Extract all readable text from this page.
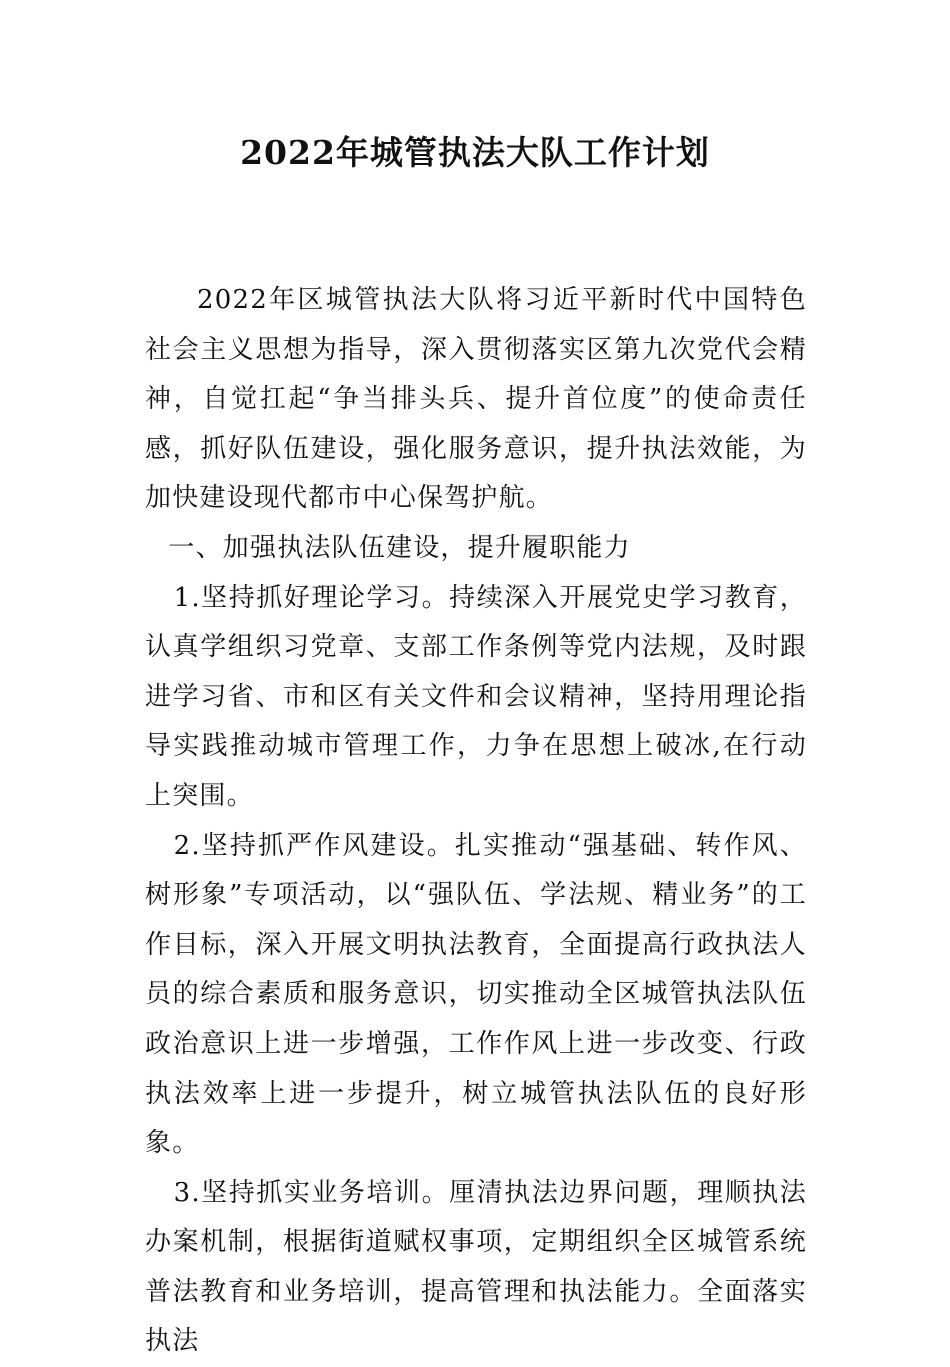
2022年城管执法大队工作计划

2022年区城管执法大队将习近平新时代中国特色社会主义思想为指导，深入贯彻落实区第九次党代会精神，自觉扛起“争当排头兵、提升首位度”的使命责任感，抓好队伍建设，强化服务意识，提升执法效能，为加快建设现代都市中心保驾护航。

一、加强执法队伍建设，提升履职能力

1.坚持抓好理论学习。持续深入开展党史学习教育，认真学组织习党章、支部工作条例等党内法规，及时跟进学习省、市和区有关文件和会议精神，坚持用理论指导实践推动城市管理工作，力争在思想上破冰,在行动上突围。

2.坚持抓严作风建设。扎实推动“强基础、转作风、树形象”专项活动，以“强队伍、学法规、精业务”的工作目标，深入开展文明执法教育，全面提高行政执法人员的综合素质和服务意识，切实推动全区城管执法队伍政治意识上进一步增强，工作作风上进一步改变、行政执法效率上进一步提升，树立城管执法队伍的良好形象。

3.坚持抓实业务培训。厘清执法边界问题，理顺执法办案机制，根据街道赋权事项，定期组织全区城管系统普法教育和业务培训，提高管理和执法能力。全面落实执法
